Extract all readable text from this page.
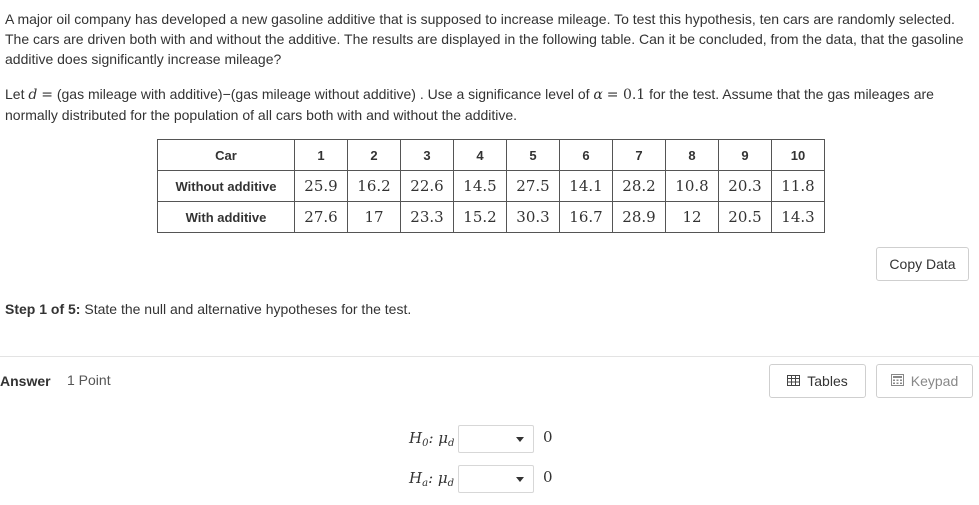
A major oil company has developed a new gasoline additive that is supposed to increase mileage. To test this hypothesis, ten cars are randomly selected. The cars are driven both with and without the additive. The results are displayed in the following table. Can it be concluded, from the data, that the gasoline additive does significantly increase mileage?

Let d = (gas mileage with additive)−(gas mileage without additive) . Use a significance level of α = 0.1 for the test. Assume that the gas mileages are normally distributed for the population of all cars both with and without the additive.

Car	1	2	3	4	5	6	7	8	9	10
Without additive	25.9	16.2	22.6	14.5	27.5	14.1	28.2	10.8	20.3	11.8
With additive	27.6	17	23.3	15.2	30.3	16.7	28.9	12	20.5	14.3
Copy Data
Step 1 of 5: State the null and alternative hypotheses for the test.
Answer 1 Point	Tables	Keypad
$H_0$: $\mu_d$	0
$H_a$: $\mu_d$	0
